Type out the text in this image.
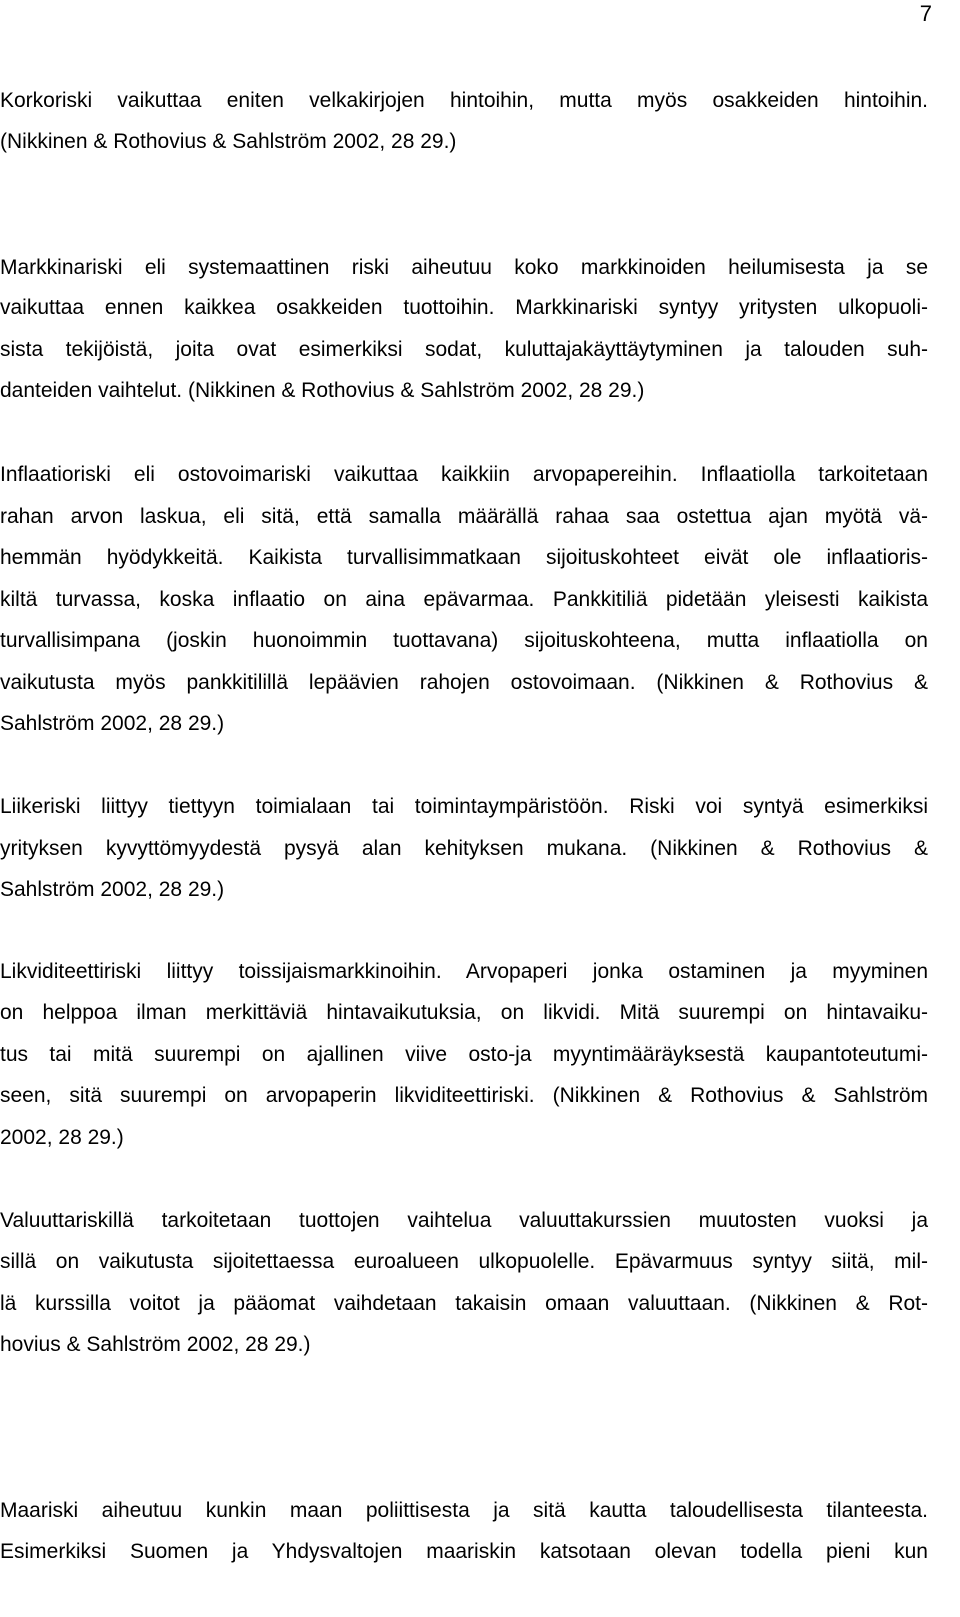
7
Korkoriski vaikuttaa eniten velkakirjojen hintoihin, mutta myös osakkeiden hintoihin.
(Nikkinen & Rothovius & Sahlström 2002, 28 29.)
Markkinariski eli systemaattinen riski aiheutuu koko markkinoiden heilumisesta ja se
vaikuttaa ennen kaikkea osakkeiden tuottoihin. Markkinariski syntyy yritysten ulkopuoli-
sista tekijöistä, joita ovat esimerkiksi sodat, kuluttajakäyttäytyminen ja talouden suh-
danteiden vaihtelut. (Nikkinen & Rothovius & Sahlström 2002, 28 29.)
Inflaatioriski eli ostovoimariski vaikuttaa kaikkiin arvopapereihin. Inflaatiolla tarkoitetaan
rahan arvon laskua, eli sitä, että samalla määrällä rahaa saa ostettua ajan myötä vä-
hemmän hyödykkeitä. Kaikista turvallisimmatkaan sijoituskohteet eivät ole inflaatioris-
kiltä turvassa, koska inflaatio on aina epävarmaa. Pankkitiliä pidetään yleisesti kaikista
turvallisimpana (joskin huonoimmin tuottavana) sijoituskohteena, mutta inflaatiolla on
vaikutusta myös pankkitilillä lepäävien rahojen ostovoimaan. (Nikkinen & Rothovius &
Sahlström 2002, 28 29.)
Liikeriski liittyy tiettyyn toimialaan tai toimintaympäristöön. Riski voi syntyä esimerkiksi
yrityksen kyvyttömyydestä pysyä alan kehityksen mukana. (Nikkinen & Rothovius &
Sahlström 2002, 28 29.)
Likviditeettiriski liittyy toissijaismarkkinoihin. Arvopaperi jonka ostaminen ja myyminen
on helppoa ilman merkittäviä hintavaikutuksia, on likvidi. Mitä suurempi on hintavaiku-
tus tai mitä suurempi on ajallinen viive osto-ja myyntimääräyksestä kaupantoteutumi-
seen, sitä suurempi on arvopaperin likviditeettiriski. (Nikkinen & Rothovius & Sahlström
2002, 28 29.)
Valuuttariskillä tarkoitetaan tuottojen vaihtelua valuuttakurssien muutosten vuoksi ja
sillä on vaikutusta sijoitettaessa euroalueen ulkopuolelle. Epävarmuus syntyy siitä, mil-
lä kurssilla voitot ja pääomat vaihdetaan takaisin omaan valuuttaan. (Nikkinen & Rot-
hovius & Sahlström 2002, 28 29.)
Maariski aiheutuu kunkin maan poliittisesta ja sitä kautta taloudellisesta tilanteesta.
Esimerkiksi Suomen ja Yhdysvaltojen maariskin katsotaan olevan todella pieni kun
